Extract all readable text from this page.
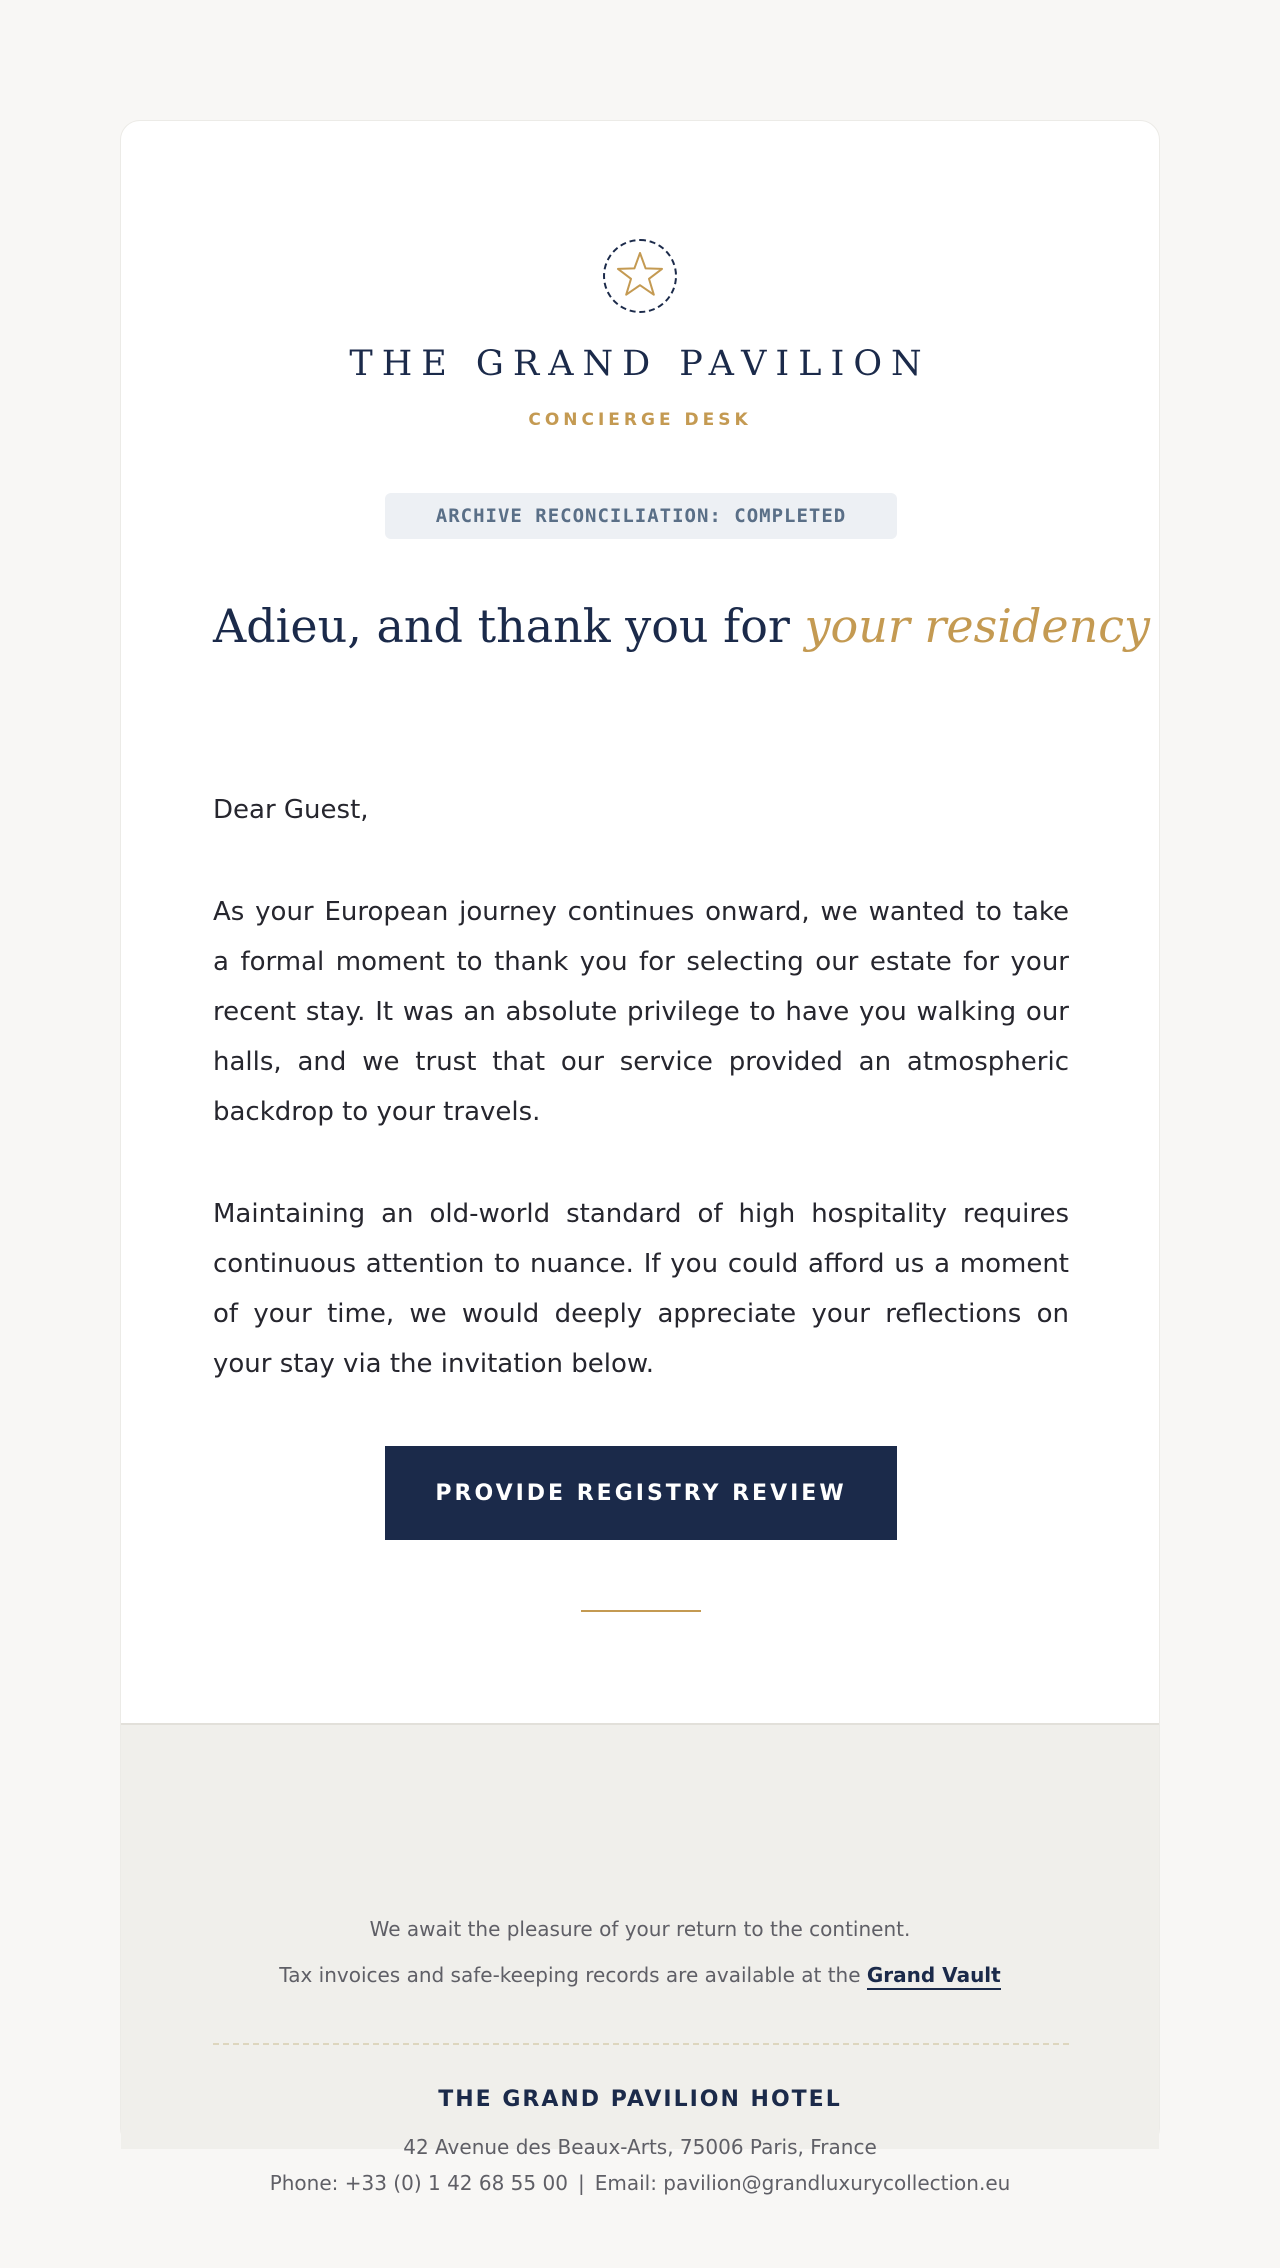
THE GRAND PAVILION
CONCIERGE DESK
ARCHIVE RECONCILIATION: COMPLETED
Adieu, and thank you for your residency

Dear Guest,

As your European journey continues onward, we wanted to take a formal moment to thank you for selecting our estate for your recent stay. It was an absolute privilege to have you walking our halls, and we trust that our service provided an atmospheric backdrop to your travels.

Maintaining an old-world standard of high hospitality requires continuous attention to nuance. If you could afford us a moment of your time, we would deeply appreciate your reflections on your stay via the invitation below.

PROVIDE REGISTRY REVIEW
We await the pleasure of your return to the continent.
Tax invoices and safe-keeping records are available at the Grand Vault
THE GRAND PAVILION HOTEL
42 Avenue des Beaux-Arts, 75006 Paris, France
Phone: +33 (0) 1 42 68 55 00 | Email: pavilion@grandluxurycollection.eu
